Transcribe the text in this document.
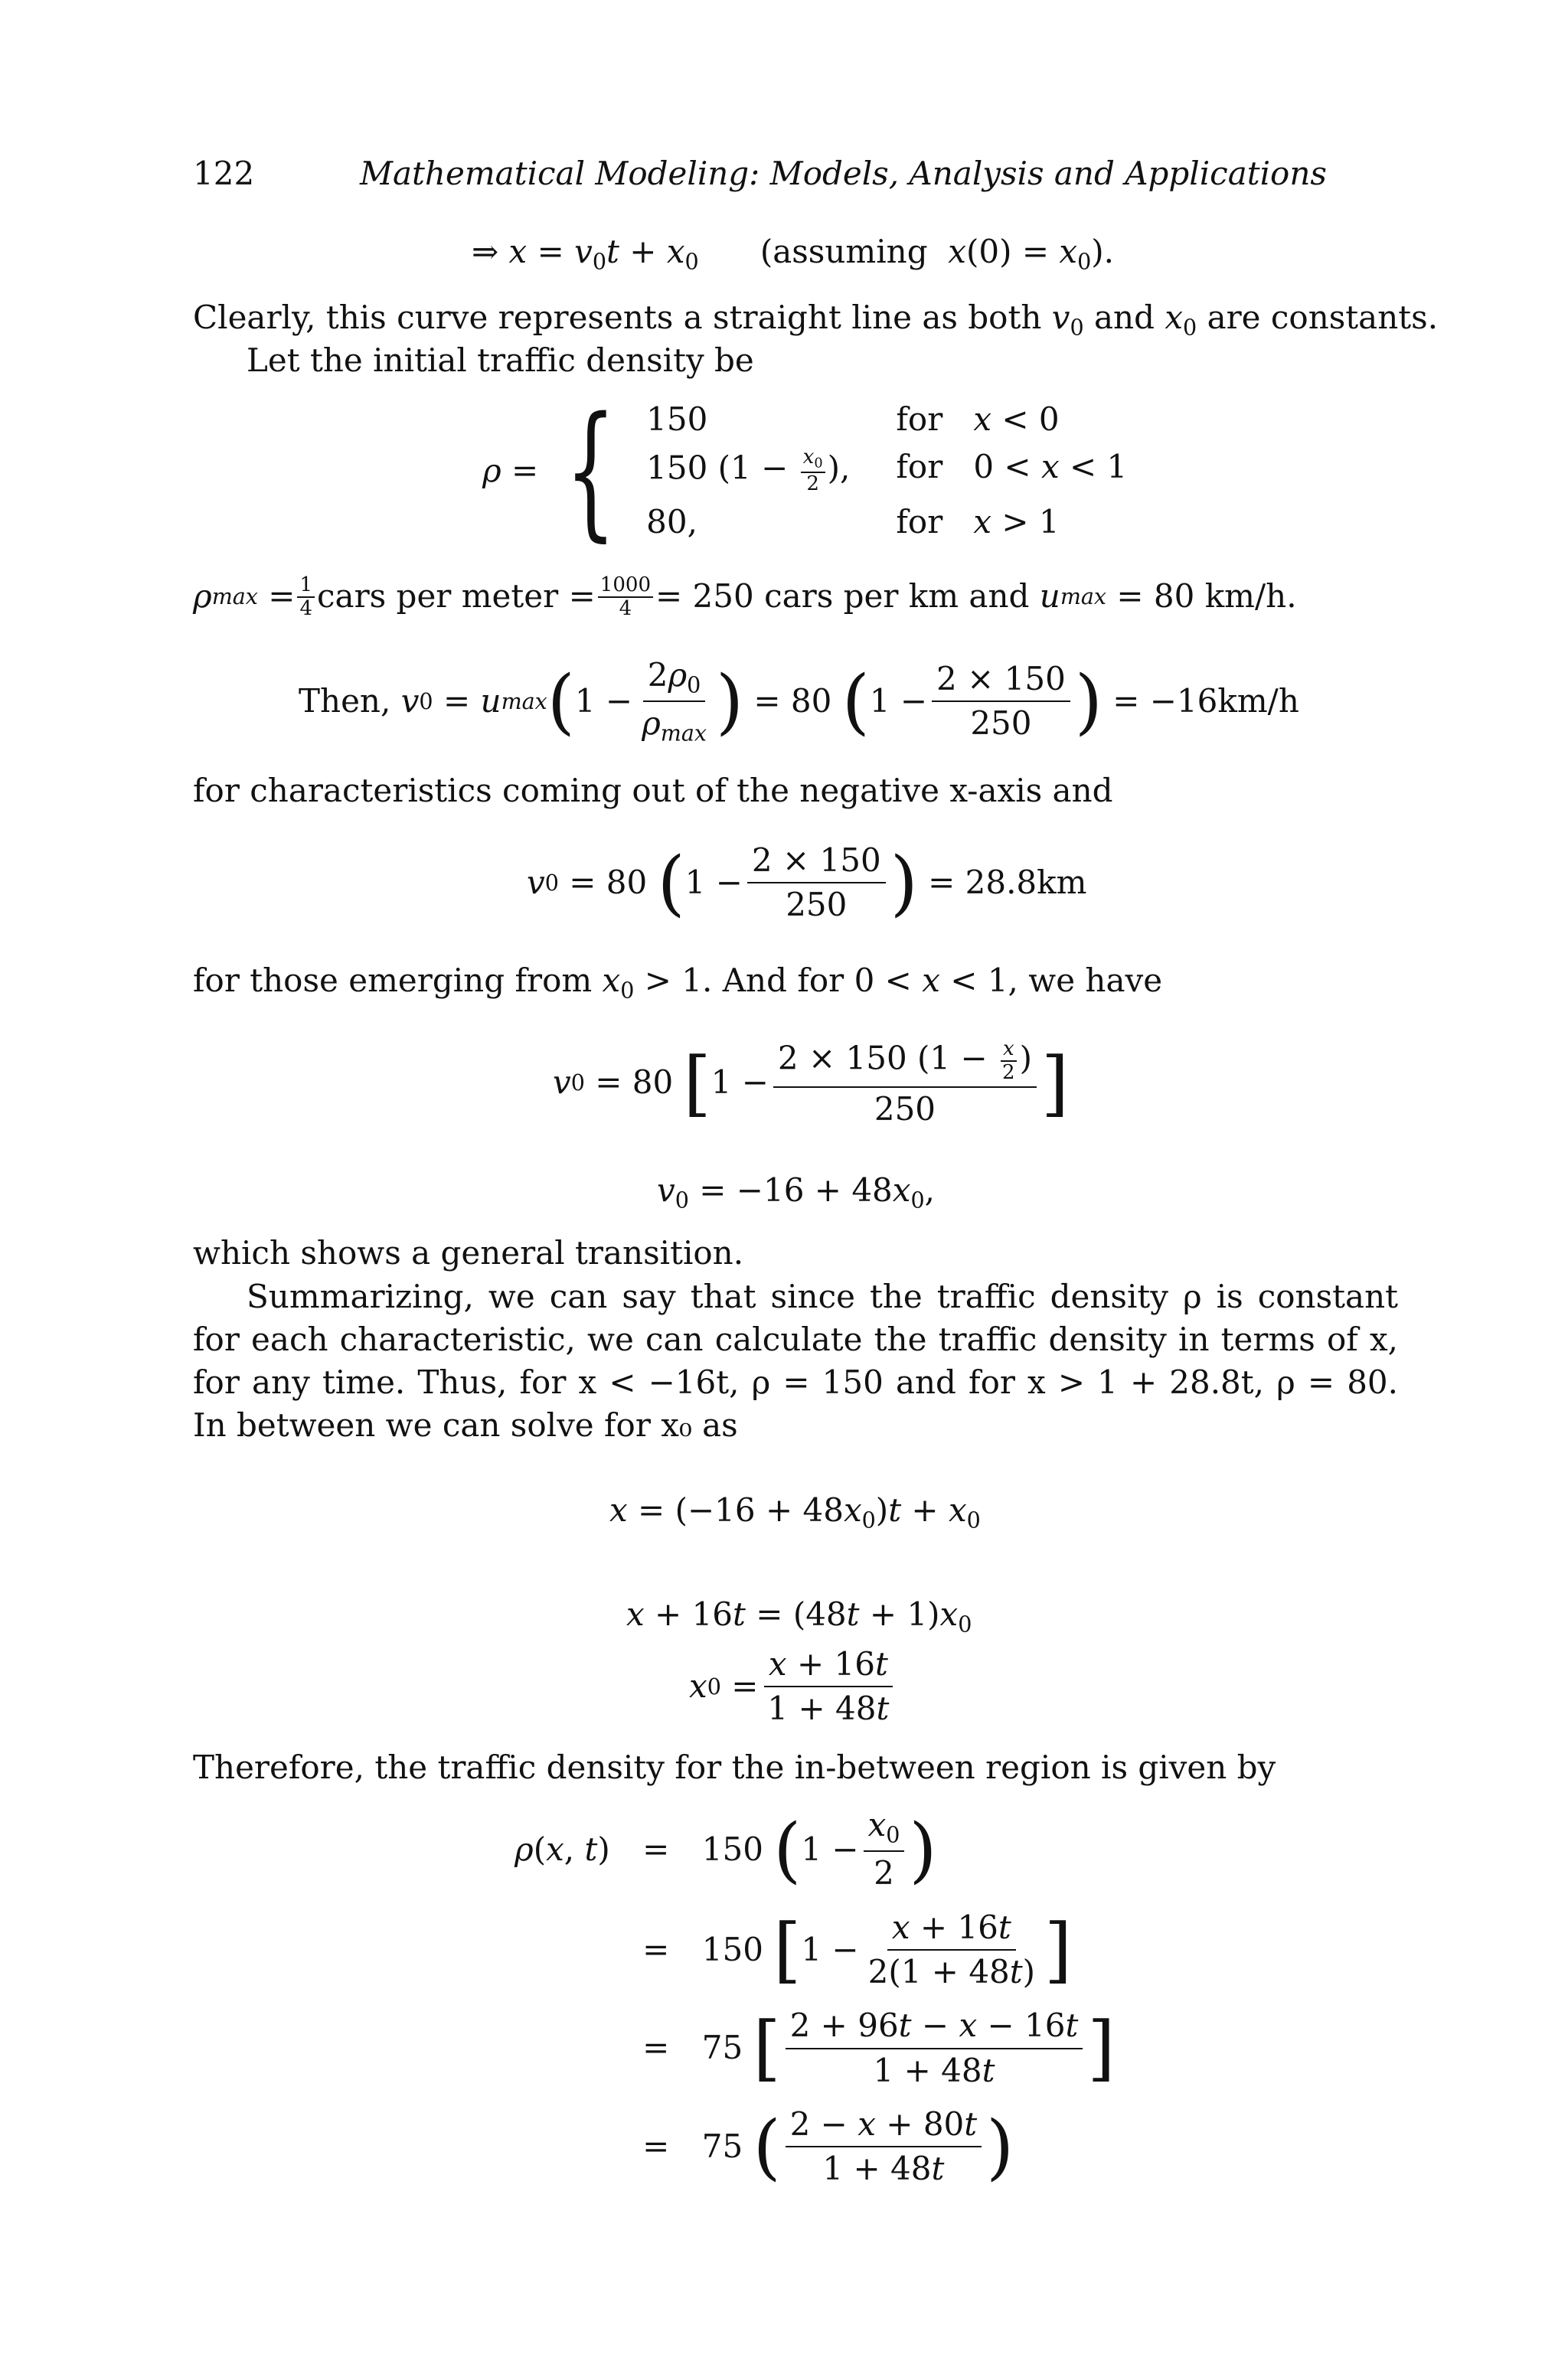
122	Mathematical Modeling: Models, Analysis and Applications
⇒ $x = v_0t + x_0$ (assuming $x(0) = x_0$).
Clearly, this curve represents a straight line as both $v_0$ and $x_0$ are constants.
Let the initial traffic density be
ρ = { 150	for x < 0
150 ($1 - \frac{x_0}{2}$ ), for   0 < x < 1
80,	for x > 1
ρ max = 1
4 cars per meter = $\frac{1000}{4} = 250$ cars per km and
u max
= 80 km/h.
Then,
v 0 = u max ( $1 - \frac{2\rho_0}{\rho_{max}}$ ) = 80 ( $1 - \frac{2 \times 150}{250}$ )
= −16km/h
for characteristics coming out of the negative x-axis and
v 0 = 80 ( $1 - \frac{2 \times 150}{250}$ )
= 28.8km
for those emerging from $x_0 > 1$. And for 0 < x < 1, we have
v 0 = 80 [ $1 - \frac{2 \times 150 (1 - \frac{x}{2} )}{250}$ ]
$v_0 = -16 + 48x_0$,
which shows a general transition.
Summarizing, we can say that since the traffic density ρ is constant for each characteristic, we can calculate the traffic density in terms of x, for any time. Thus, for x < −16t, ρ = 150 and for x > 1 + 28.8t, ρ = 80. In between we can solve for x₀ as
$x = (-16 + 48x_0)t + x_0$
$x + 16t = (48t + 1)x_0$
x $0 = \frac{x + 16t}{1 + 48t}$
Therefore, the traffic density for the in-between region is given by
ρ(x, t)	=	150 ( $1 - \frac{x_0}{2}$ )
=	150 [ $1 - \frac{x + 16t}{2(1 + 48t)}$ ]
=	75 [ $\frac{2 + 96t - x - 16t}{1 + 48t}$ ]
=	75 ( $\frac{2 - x + 80t}{1 + 48t}$ )
